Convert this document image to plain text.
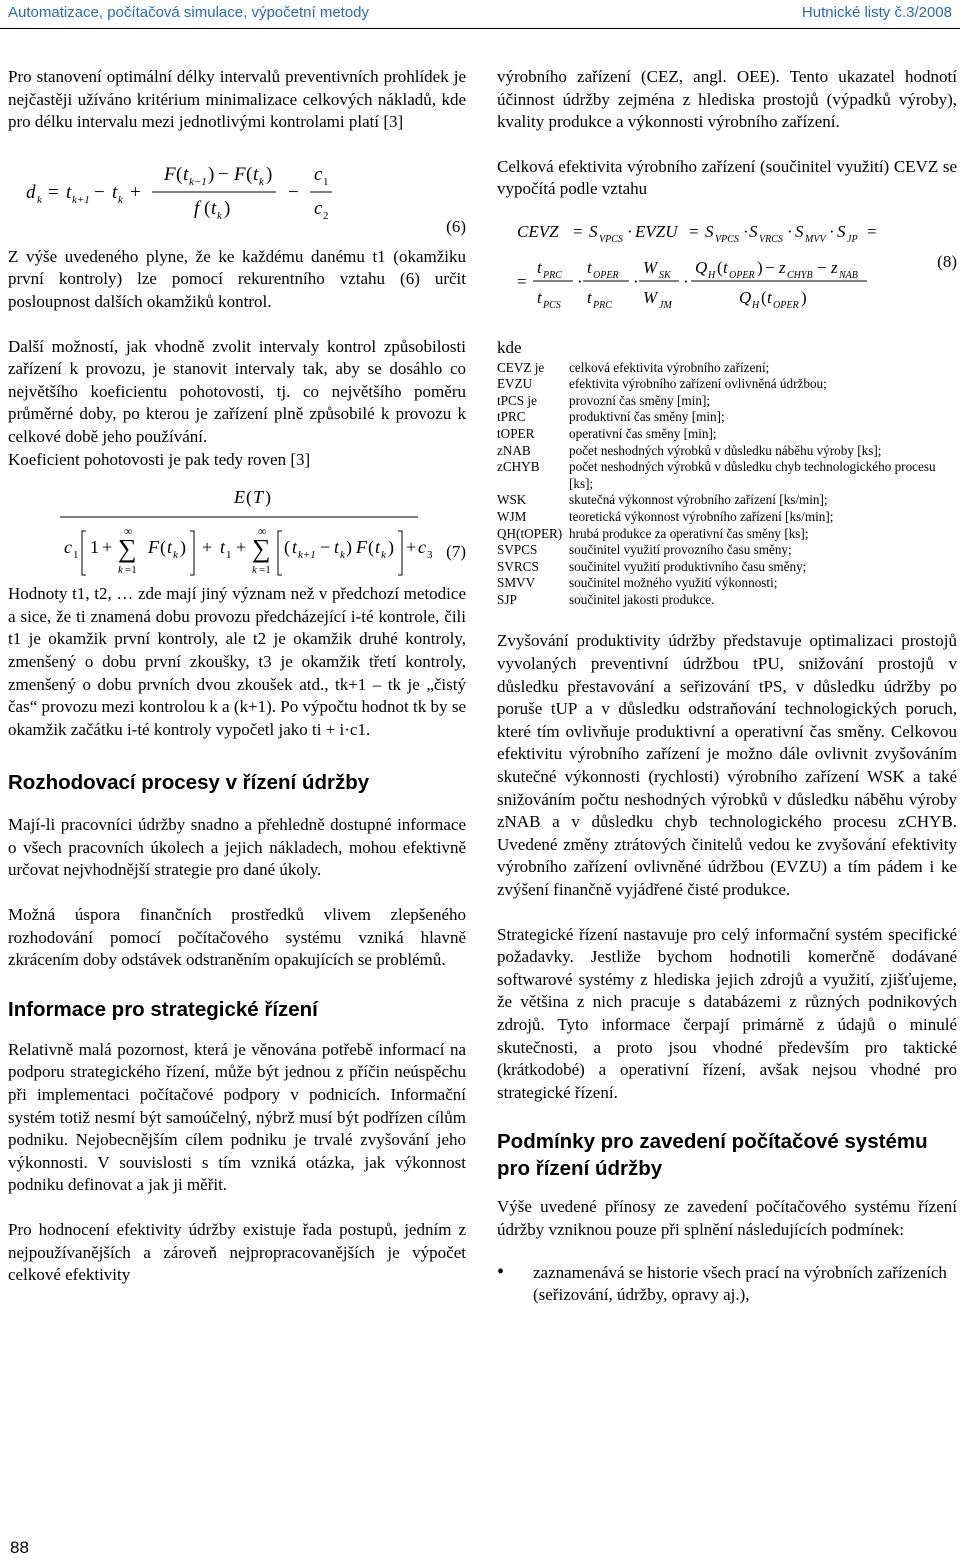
Automatizace, počítačová simulace, výpočetní metody	Hutnické listy č.3/2008

Pro stanovení optimální délky intervalů preventivních prohlídek je nejčastěji užíváno kritérium minimalizace celkových nákladů, kde pro délku intervalu mezi jednotlivými kontrolami platí [3]

d k = t k+1 − t k +
F ( t k−1 ) − F ( t k )
f ( t k )
−
c 1
c 2
(6)

Z výše uvedeného plyne, že ke každému danému t1 (okamžiku první kontroly) lze pomocí rekurentního vztahu (6) určit posloupnost dalších okamžiků kontrol.

Další možností, jak vhodně zvolit intervaly kontrol způsobilosti zařízení k provozu, je stanovit intervaly tak, aby se dosáhlo co největšího koeficientu pohotovosti, tj. co největšího poměru průměrné doby, po kterou je zařízení plně způsobilé k provozu k celkové době jeho používání.

Koeficient pohotovosti je pak tedy roven [3]

E ( T )
c 1 1 + ∑
∞
k =1
F ( t k ) + t 1 + ∑
∞
k =1
( t k+1 − t k ) F ( t k ) + c 3 (7)

Hodnoty t1, t2, … zde mají jiný význam než v předchozí metodice a sice, že ti znamená dobu provozu předcházející i-té kontrole, čili t1 je okamžik první kontroly, ale t2 je okamžik druhé kontroly, zmenšený o dobu první zkoušky, t3 je okamžik třetí kontroly, zmenšený o dobu prvních dvou zkoušek atd., tk+1 – tk je „čistý čas“ provozu mezi kontrolou k a (k+1). Po výpočtu hodnot tk by se okamžik začátku i-té kontroly vypočetl jako ti + i·c1.

Rozhodovací procesy v řízení údržby

Mají-li pracovníci údržby snadno a přehledně dostupné informace o všech pracovních úkolech a jejich nákladech, mohou efektivně určovat nejvhodnější strategie pro dané úkoly.

Možná úspora finančních prostředků vlivem zlepšeného rozhodování pomocí počítačového systému vzniká hlavně zkrácením doby odstávek odstraněním opakujících se problémů.

Informace pro strategické řízení

Relativně malá pozornost, která je věnována potřebě informací na podporu strategického řízení, může být jednou z příčin neúspěchu při implementaci počítačové podpory v podnicích. Informační systém totiž nesmí být samoúčelný, nýbrž musí být podřízen cílům podniku. Nejobecnějším cílem podniku je trvalé zvyšování jeho výkonnosti. V souvislosti s tím vzniká otázka, jak výkonnost podniku definovat a jak ji měřit.

Pro hodnocení efektivity údržby existuje řada postupů, jedním z nejpoužívanějších a zároveň nejpropracovanějších je výpočet celkové efektivity

výrobního zařízení (CEZ, angl. OEE). Tento ukazatel hodnotí účinnost údržby zejména z hlediska prostojů (výpadků výroby), kvality produkce a výkonnosti výrobního zařízení.

Celková efektivita výrobního zařízení (součinitel využití) CEVZ se vypočítá podle vztahu

CEVZ = S VPCS · EVZU = S VPCS · S VRCS · S MVV · S JP =
=
t PRC
t PCS
·
t OPER
t PRC
·
W SK
W JM
·
Q H ( t OPER ) − z CHYB − z NAB
Q H ( t OPER )
(8)

kde

CEVZ je	celková efektivita výrobního zařízení;
EVZU	efektivita výrobního zařízení ovlivněná údržbou;
tPCS je	provozní čas směny [min];
tPRC	produktivní čas směny [min];
tOPER	operativní čas směny [min];
zNAB	počet neshodných výrobků v důsledku náběhu výroby [ks];
zCHYB	počet neshodných výrobků v důsledku chyb technologického procesu [ks];
WSK	skutečná výkonnost výrobního zařízení [ks/min];
WJM	teoretická výkonnost výrobního zařízení [ks/min];
QH(tOPER) hrubá produkce za operativní čas směny [ks];
SVPCS	součinitel využití provozního času směny;
SVRCS	součinitel využití produktivního času směny;
SMVV	součinitel možného využití výkonnosti;
SJP	součinitel jakosti produkce.

Zvyšování produktivity údržby představuje optimalizaci prostojů vyvolaných preventivní údržbou tPU, snižování prostojů v důsledku přestavování a seřizování tPS, v důsledku údržby po poruše tUP a v důsledku odstraňování technologických poruch, které tím ovlivňuje produktivní a operativní čas směny. Celkovou efektivitu výrobního zařízení je možno dále ovlivnit zvyšováním skutečné výkonnosti (rychlosti) výrobního zařízení WSK a také snižováním počtu neshodných výrobků v důsledku náběhu výroby zNAB a v důsledku chyb technologického procesu zCHYB. Uvedené změny ztrátových činitelů vedou ke zvyšování efektivity výrobního zařízení ovlivněné údržbou (EVZU) a tím pádem i ke zvýšení finančně vyjádřené čisté produkce.

Strategické řízení nastavuje pro celý informační systém specifické požadavky. Jestliže bychom hodnotili komerčně dodávané softwarové systémy z hlediska jejich zdrojů a využití, zjišťujeme, že většina z nich pracuje s databázemi z různých podnikových zdrojů. Tyto informace čerpají primárně z údajů o minulé skutečnosti, a proto jsou vhodné především pro taktické (krátkodobé) a operativní řízení, avšak nejsou vhodné pro strategické řízení.

Podmínky pro zavedení počítačové systému pro řízení údržby

Výše uvedené přínosy ze zavedení počítačového systému řízení údržby vzniknou pouze při splnění následujících podmínek:

•	zaznamenává se historie všech prací na výrobních zařízeních (seřizování, údržby, opravy aj.),
88
